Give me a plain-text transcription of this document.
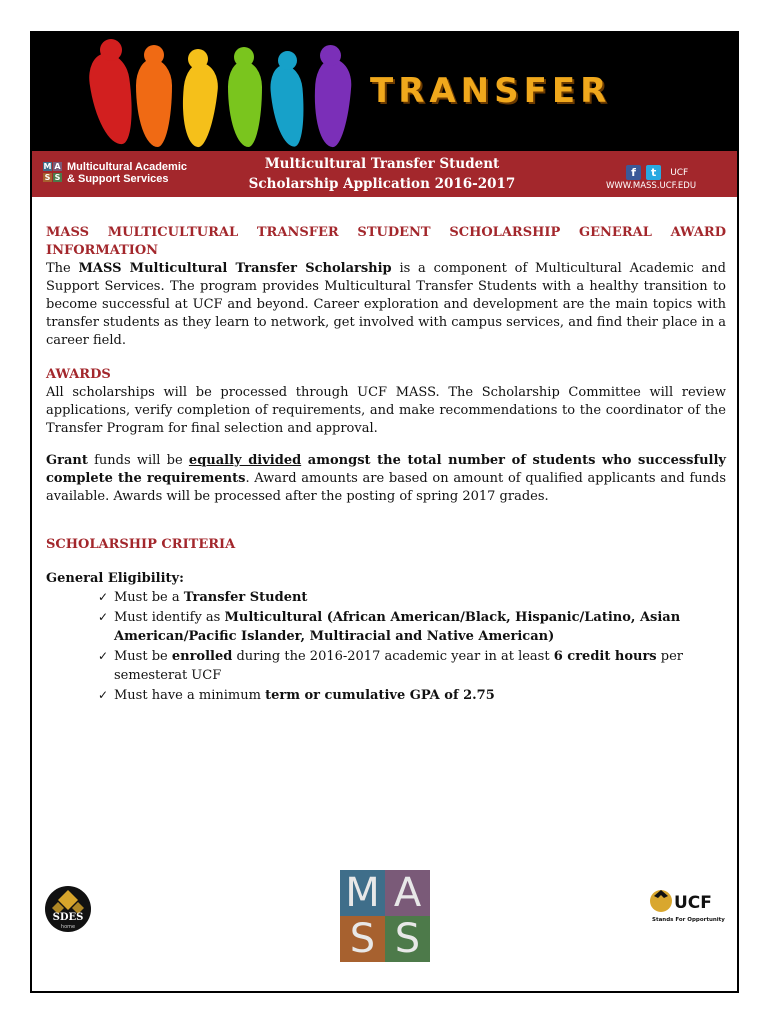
TRANSFER
M A
S S
Multicultural Academic
& Support Services
Multicultural Transfer Student
Scholarship Application 2016-2017
f t UCF
WWW.MASS.UCF.EDU
MASS MULTICULTURAL TRANSFER STUDENT SCHOLARSHIP GENERAL AWARD INFORMATION

The MASS Multicultural Transfer Scholarship is a component of Multicultural Academic and Support Services. The program provides Multicultural Transfer Students with a healthy transition to become successful at UCF and beyond. Career exploration and development are the main topics with transfer students as they learn to network, get involved with campus services, and find their place in a career field.

AWARDS

All scholarships will be processed through UCF MASS. The Scholarship Committee will review applications, verify completion of requirements, and make recommendations to the coordinator of the Transfer Program for final selection and approval.

Grant funds will be equally divided amongst the total number of students who successfully complete the requirements. Award amounts are based on amount of qualified applicants and funds available. Awards will be processed after the posting of spring 2017 grades.

SCHOLARSHIP CRITERIA
General Eligibility:
✓ Must be a Transfer Student
✓ Must identify as Multicultural (African American/Black, Hispanic/Latino, Asian American/Pacific Islander, Multiracial and Native American)
✓ Must be enrolled during the 2016-2017 academic year in at least 6 credit hours per semesterat UCF
✓ Must have a minimum term or cumulative GPA of 2.75
SDES
home
M A
S S
UCF
Stands For Opportunity
